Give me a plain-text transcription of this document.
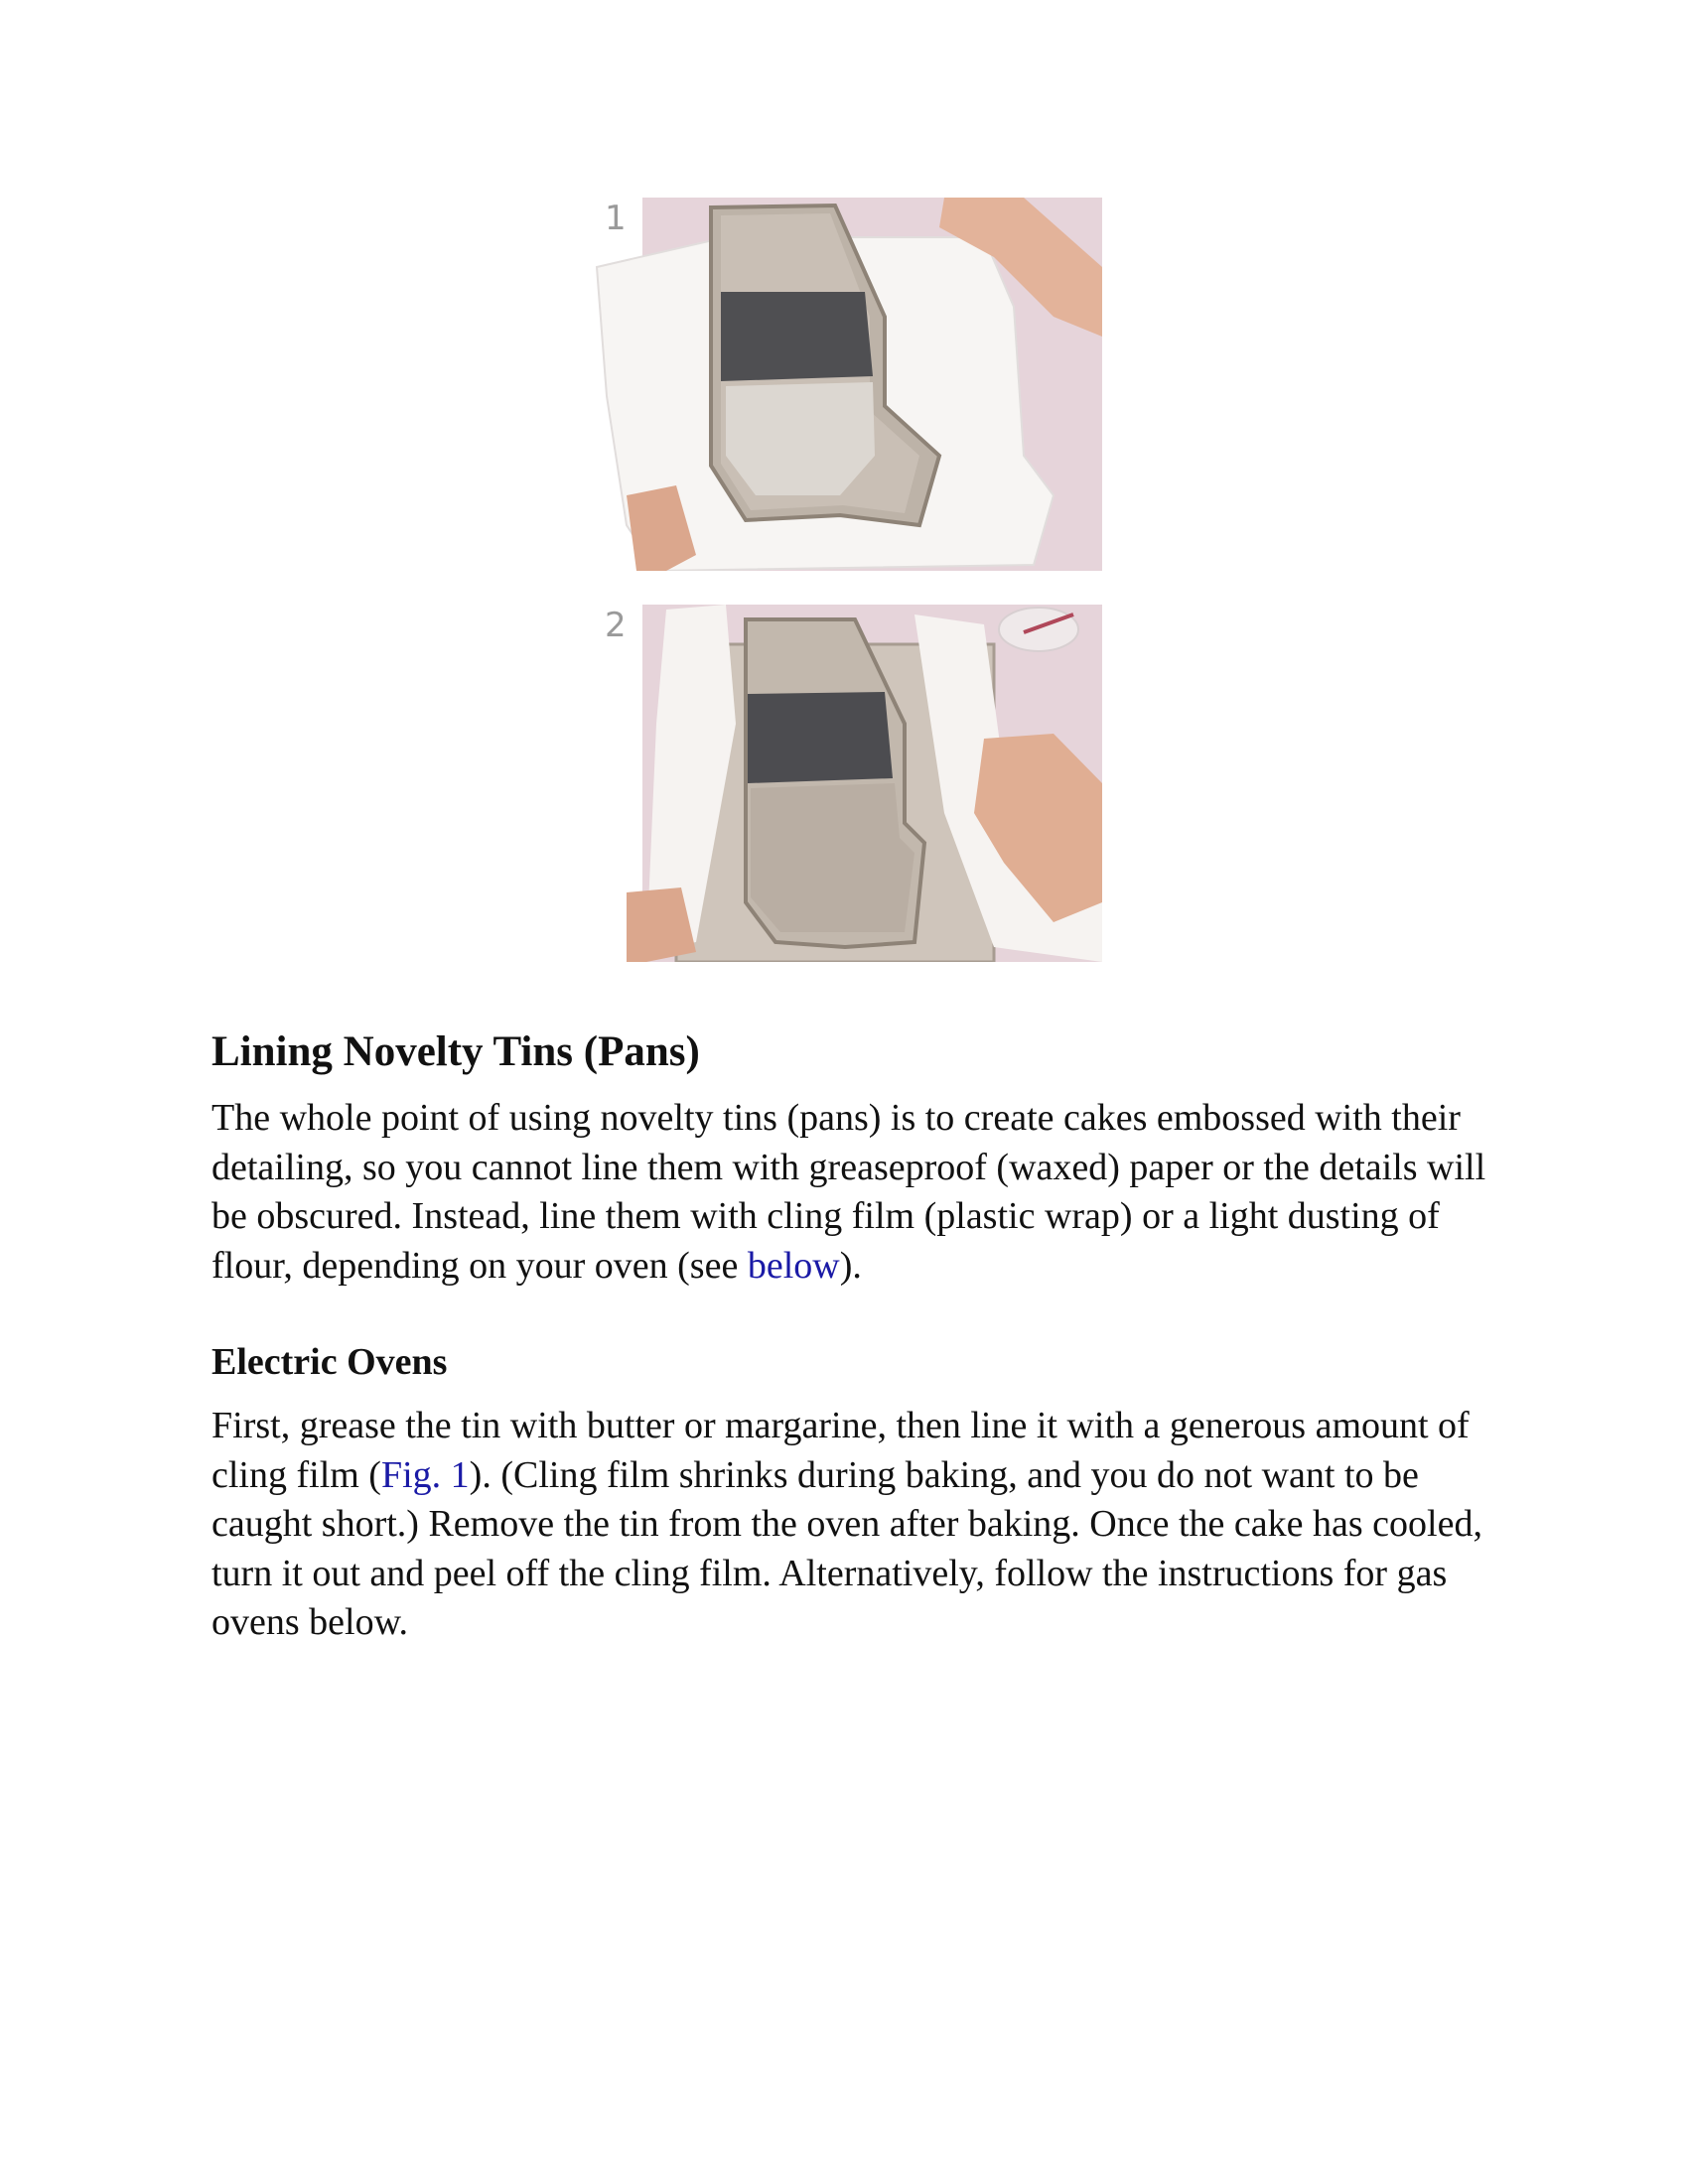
1
2
Lining Novelty Tins (Pans)

The whole point of using novelty tins (pans) is to create cakes embossed with their detailing, so you cannot line them with greaseproof (waxed) paper or the details will be obscured. Instead, line them with cling film (plastic wrap) or a light dusting of flour, depending on your oven (see below).

Electric Ovens

First, grease the tin with butter or margarine, then line it with a generous amount of cling film (Fig. 1). (Cling film shrinks during baking, and you do not want to be caught short.) Remove the tin from the oven after baking. Once the cake has cooled, turn it out and peel off the cling film. Alternatively, follow the instructions for gas ovens below.
